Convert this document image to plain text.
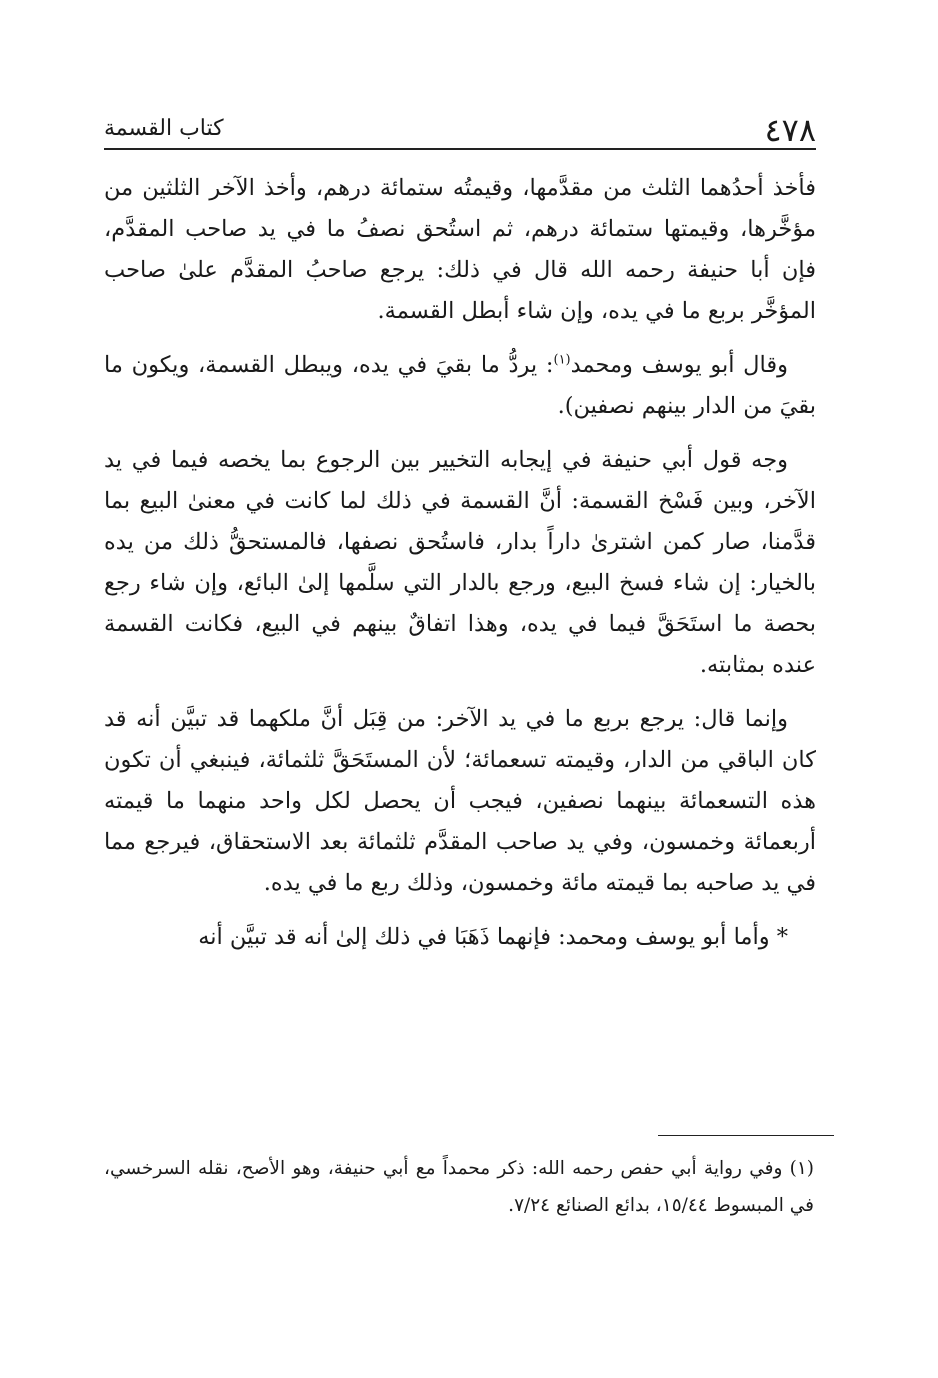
٤٧٨
كتاب القسمة

فأخذ أحدُهما الثلث من مقدَّمها، وقيمتُه ستمائة درهم، وأخذ الآخر الثلثين من مؤخَّرها، وقيمتها ستمائة درهم، ثم استُحق نصفُ ما في يد صاحب المقدَّم، فإن أبا حنيفة رحمه الله قال في ذلك: يرجع صاحبُ المقدَّم علىٰ صاحب المؤخَّر بربع ما في يده، وإن شاء أبطل القسمة.

وقال أبو يوسف ومحمد$^{(١)}$: يردُّ ما بقيَ في يده، ويبطل القسمة، ويكون ما بقيَ من الدار بينهم نصفين).

وجه قول أبي حنيفة في إيجابه التخيير بين الرجوع بما يخصه فيما في يد الآخر، وبين فَسْخ القسمة: أنَّ القسمة في ذلك لما كانت في معنىٰ البيع بما قدَّمنا، صار كمن اشترىٰ داراً بدار، فاستُحق نصفها، فالمستحقُّ ذلك من يده بالخيار: إن شاء فسخ البيع، ورجع بالدار التي سلَّمها إلىٰ البائع، وإن شاء رجع بحصة ما استَحَقَّ فيما في يده، وهذا اتفاقٌ بينهم في البيع، فكانت القسمة عنده بمثابته.

وإنما قال: يرجع بربع ما في يد الآخر: من قِبَل أنَّ ملكهما قد تبيَّن أنه قد كان الباقي من الدار، وقيمته تسعمائة؛ لأن المستَحَقَّ ثلثمائة، فينبغي أن تكون هذه التسعمائة بينهما نصفين، فيجب أن يحصل لكل واحد منهما ما قيمته أربعمائة وخمسون، وفي يد صاحب المقدَّم ثلثمائة بعد الاستحقاق، فيرجع مما في يد صاحبه بما قيمته مائة وخمسون، وذلك ربع ما في يده.

* وأما أبو يوسف ومحمد: فإنهما ذَهَبَا في ذلك إلىٰ أنه قد تبيَّن أنه

(١) وفي رواية أبي حفص رحمه الله: ذكر محمداً مع أبي حنيفة، وهو الأصح، نقله السرخسي، في المبسوط ١٥/٤٤، بدائع الصنائع ٧/٢٤.
